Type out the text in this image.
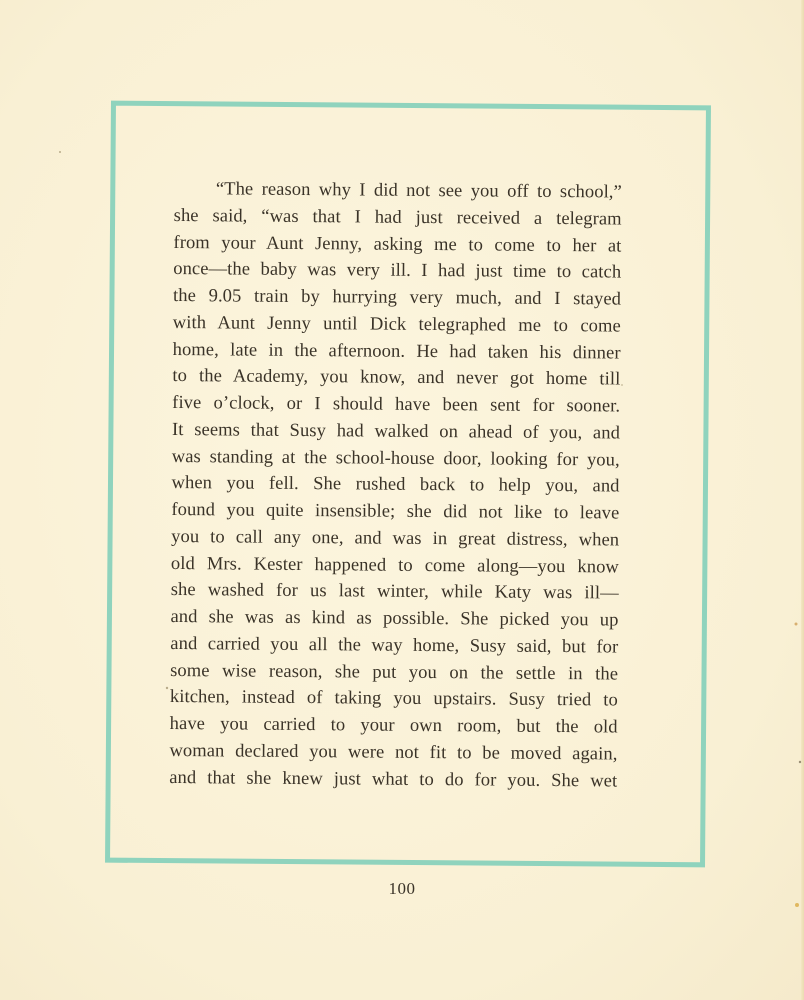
“The reason why I did not see you off to school,”
she said, “was that I had just received a telegram
from your Aunt Jenny, asking me to come to her at
once—the baby was very ill. I had just time to catch
the 9.05 train by hurrying very much, and I stayed
with Aunt Jenny until Dick telegraphed me to come
home, late in the afternoon. He had taken his dinner
to the Academy, you know, and never got home till
five o’clock, or I should have been sent for sooner.
It seems that Susy had walked on ahead of you, and
was standing at the school-house door, looking for you,
when you fell. She rushed back to help you, and
found you quite insensible; she did not like to leave
you to call any one, and was in great distress, when
old Mrs. Kester happened to come along—you know
she washed for us last winter, while Katy was ill—
and she was as kind as possible. She picked you up
and carried you all the way home, Susy said, but for
some wise reason, she put you on the settle in the
kitchen, instead of taking you upstairs. Susy tried to
have you carried to your own room, but the old
woman declared you were not fit to be moved again,
and that she knew just what to do for you. She wet
100
